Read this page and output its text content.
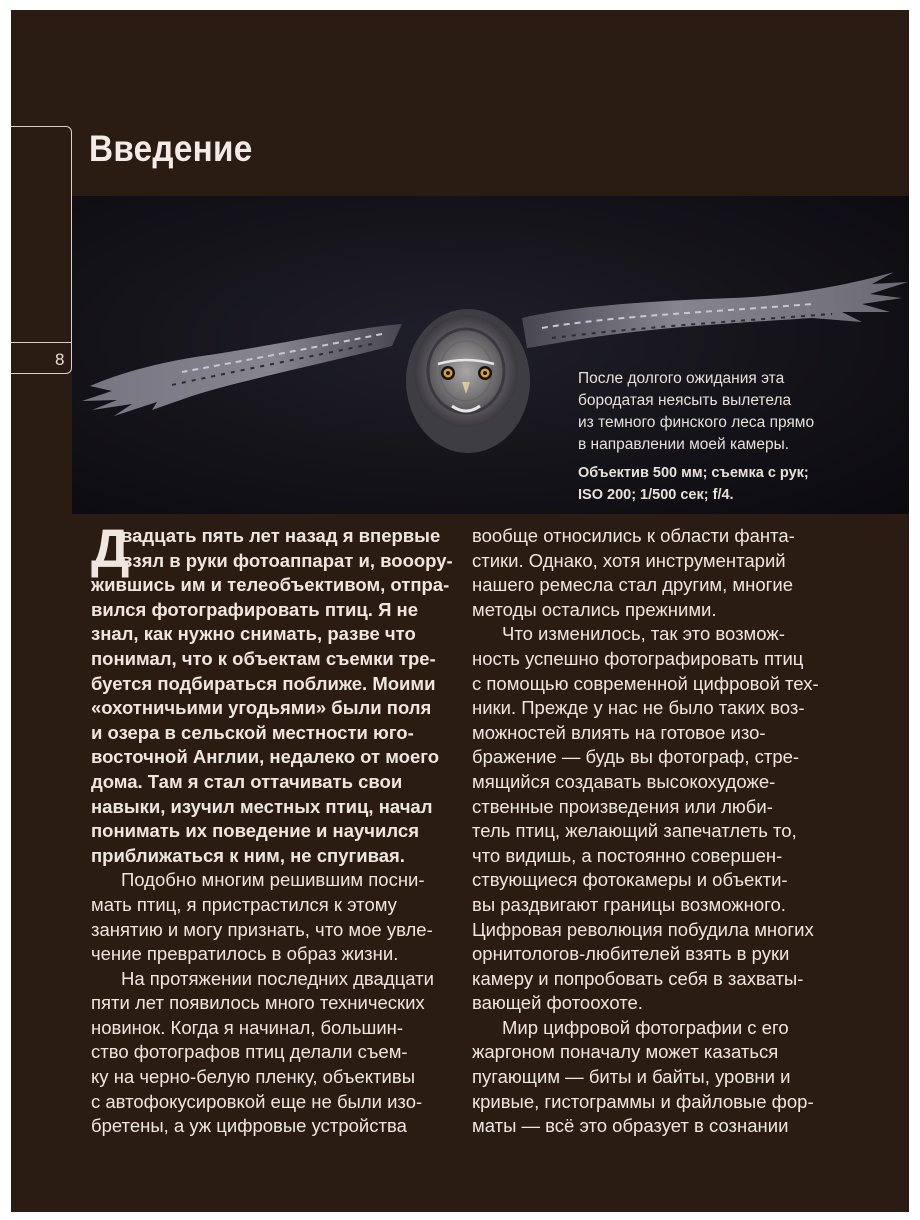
8
Введение
После долгого ожидания эта
бородатая неясыть вылетела
из темного финского леса прямо
в направлении моей камеры.
Объектив 500 мм; съемка с рук;
ISO 200; 1/500 сек; f/4.
Д
вадцать пять лет назад я впервые
взял в руки фотоаппарат и, вооору-
жившись им и телеобъективом, отпра-
вился фотографировать птиц. Я не
знал, как нужно снимать, разве что
понимал, что к объектам съемки тре-
буется подбираться поближе. Моими
«охотничьими угодьями» были поля
и озера в сельской местности юго-
восточной Англии, недалеко от моего
дома. Там я стал оттачивать свои
навыки, изучил местных птиц, начал
понимать их поведение и научился
приближаться к ним, не спугивая.
Подобно многим решившим поcни-
мать птиц, я пристрастился к этому
занятию и могу признать, что мое увле-
чение превратилось в образ жизни.
На протяжении последних двадцати
пяти лет появилось много технических
новинок. Когда я начинал, большин-
ство фотографов птиц делали съем-
ку на черно-белую пленку, объективы
с автофокусировкой еще не были изо-
бретены, а уж цифровые устройства
вообще относились к области фанта-
стики. Однако, хотя инструментарий
нашего ремесла стал другим, многие
методы остались прежними.
Что изменилось, так это возмож-
ность успешно фотографировать птиц
с помощью современной цифровой тех-
ники. Прежде у нас не было таких воз-
можностей влиять на готовое изо-
бражение — будь вы фотограф, стре-
мящийся создавать высокохудоже-
ственные произведения или люби-
тель птиц, желающий запечатлеть то,
что видишь, а постоянно совершен-
ствующиеся фотокамеры и объекти-
вы раздвигают границы возможного.
Цифровая революция побудила многих
орнитологов-любителей взять в руки
камеру и попробовать себя в захваты-
вающей фотоохоте.
Мир цифровой фотографии с его
жаргоном поначалу может казаться
пугающим — биты и байты, уровни и
кривые, гистограммы и файловые фор-
маты — всё это образует в сознании
